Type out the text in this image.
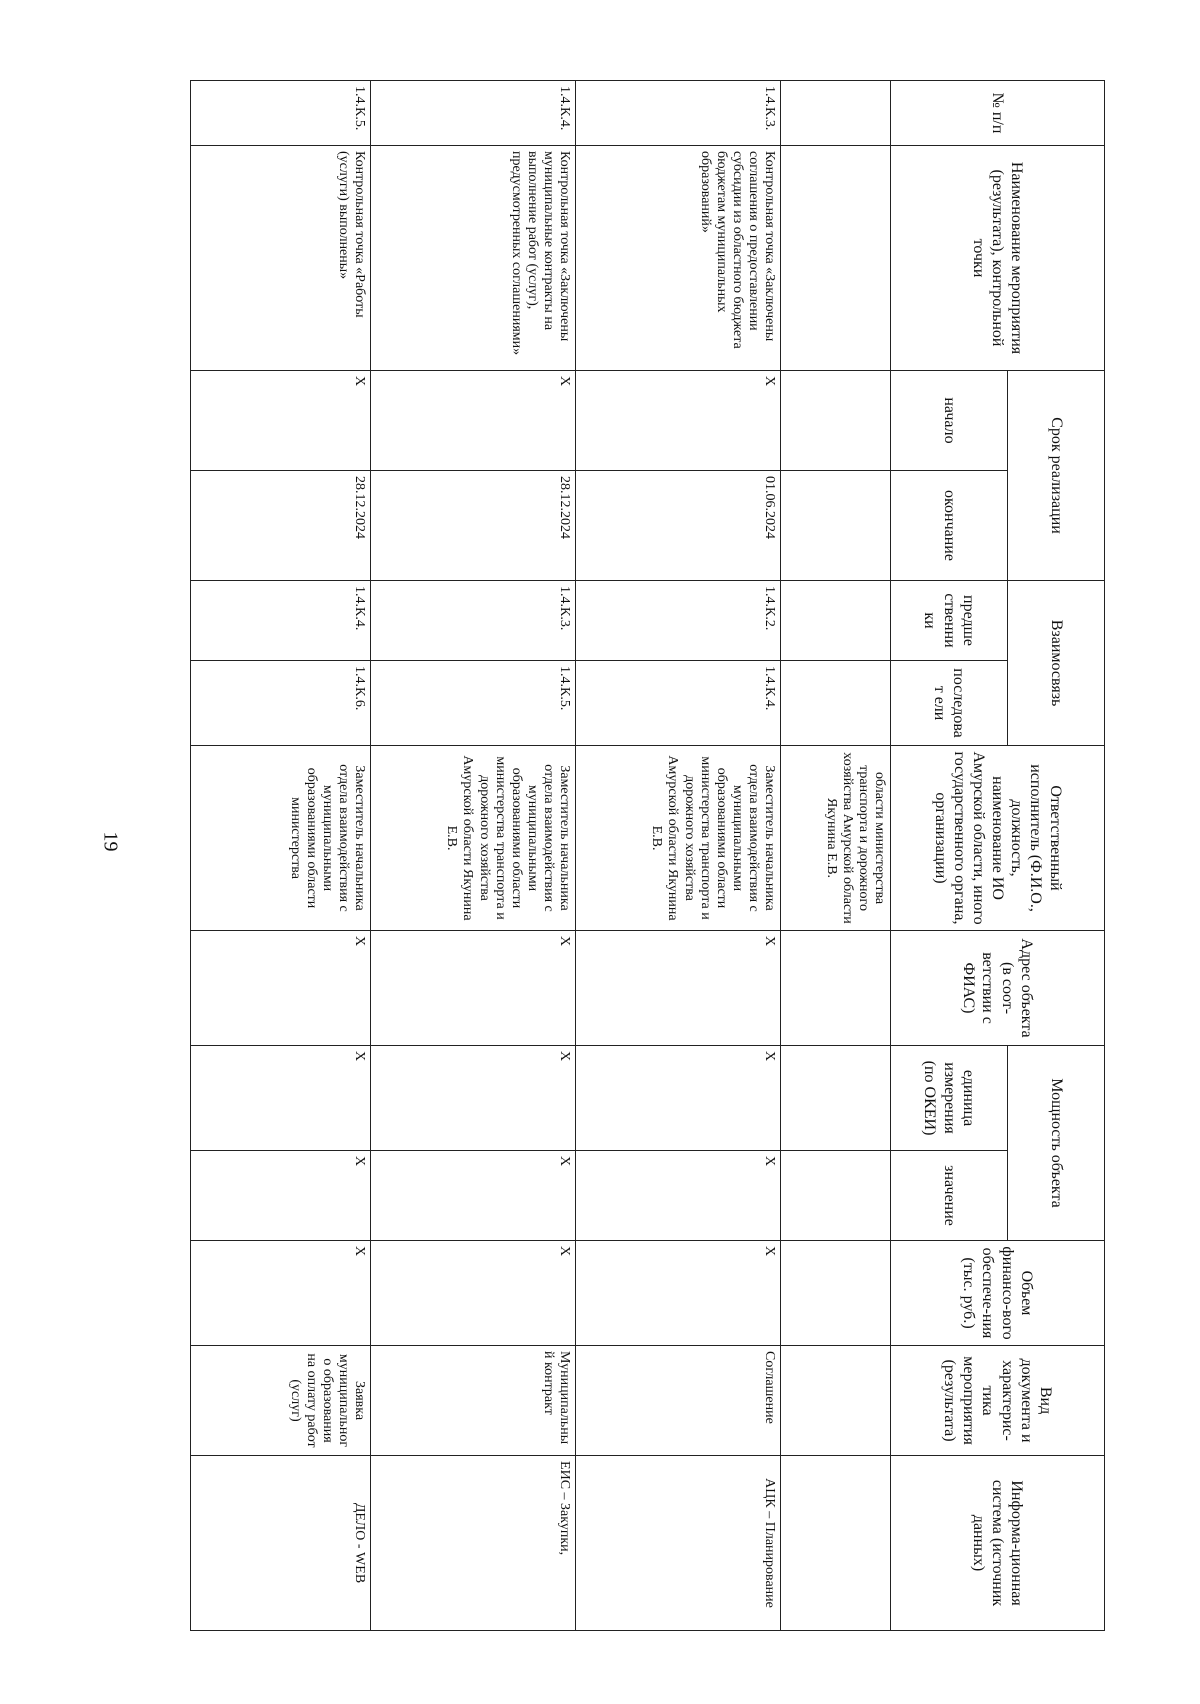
19
№ п/п	Наименование мероприятия (результата), контрольной точки	Срок реализации		Взаимосвязь		Ответственный исполнитель (Ф.И.О., должность, наименование ИО Амурской области, иного государственного органа, организации)	Адрес объекта (в соот-ветствии с ФИАС)	Мощность объекта		Объем финансо-вого обеспече-ния (тыс. руб.)	Вид документа и характерис-тика мероприятия (результата)	Информа-ционная система (источник данных)
		начало	окончание	предше ственни ки	последоват ели			единица измерения (по ОКЕИ)	значение			
						области министерства транспорта и дорожного хозяйства Амурской области Якунина Е.В.						
1.4.К.3.	Контрольная точка «Заключены соглашения о предоставлении субсидии из областного бюджета бюджетам муниципальных образований»	X	01.06.2024	1.4.К.2.	1.4.К.4.	Заместитель начальника отдела взаимодействия с муниципальными образованиями области министерства транспорта и дорожного хозяйства Амурской области Якунина Е.В.	X	X	X	X	Соглашение	АЦК – Планирование
1.4.К.4.	Контрольная точка «Заключены муниципальные контракты на выполнение работ (услуг), предусмотренных соглашениями»	X	28.12.2024	1.4.К.3.	1.4.К.5.	Заместитель начальника отдела взаимодействия с муниципальными образованиями области министерства транспорта и дорожного хозяйства Амурской области Якунина Е.В.	X	X	X	X	Муниципальный контракт	ЕИС – Закупки,
1.4.К.5.	Контрольная точка «Работы (услуги) выполнены»	X	28.12.2024	1.4.К.4.	1.4.К.6.	Заместитель начальника отдела взаимодействия с муниципальными образованиями области министерства	X	X	X	X	Заявка муниципального образования на оплату работ (услуг)	ДЕЛО - WEB
